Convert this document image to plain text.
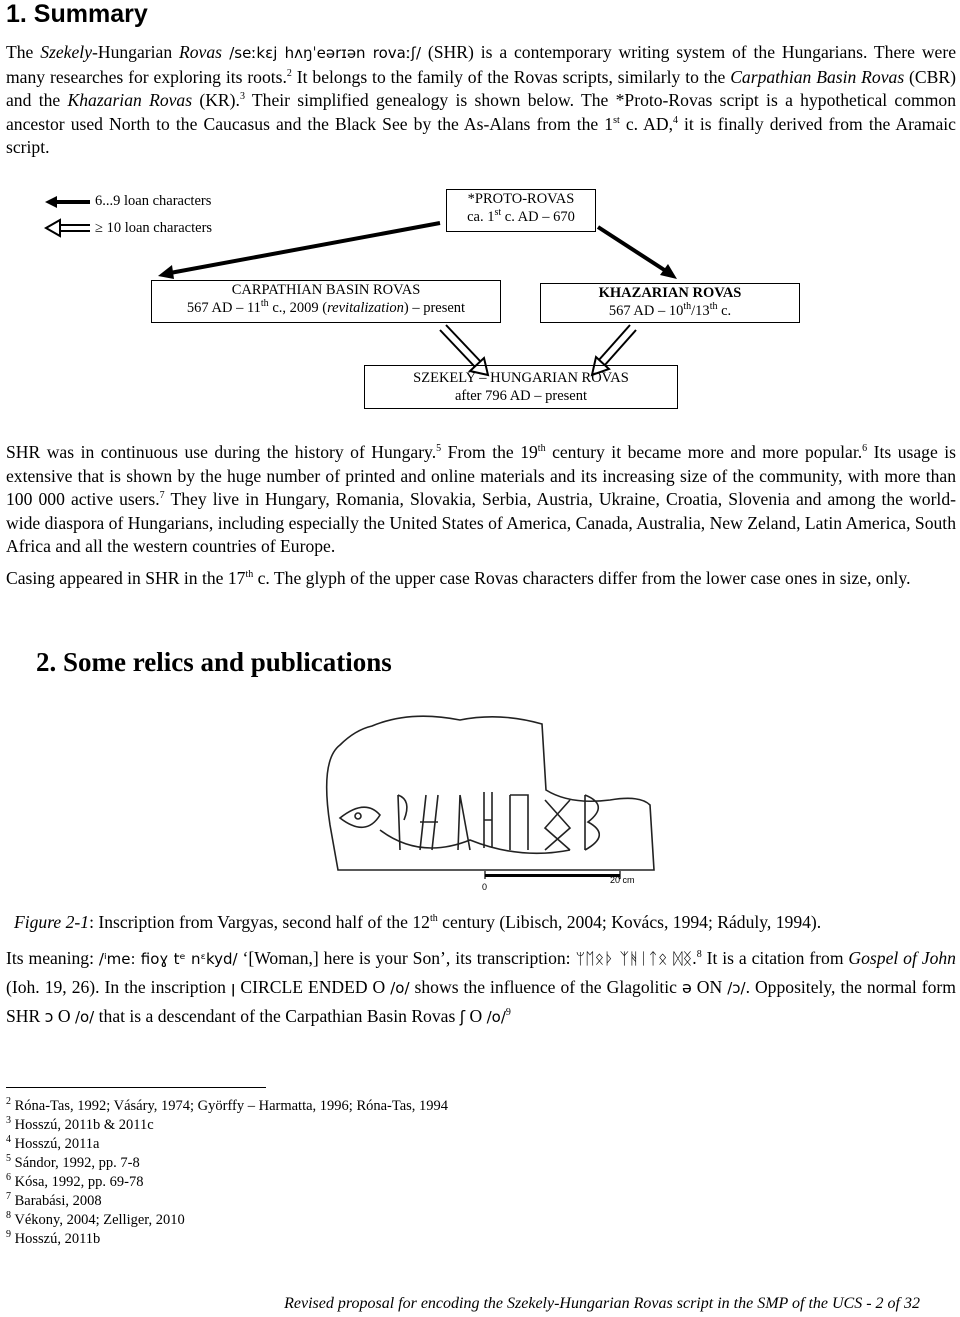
1. Summary
The Szekely-Hungarian Rovas /seːkɛj hʌŋˈeərɪən rovaːʃ/ (SHR) is a contemporary writing system of the Hungarians. There were many researches for exploring its roots.$^2$ It belongs to the family of the Rovas scripts, similarly to the Carpathian Basin Rovas (CBR) and the Khazarian Rovas (KR).$^3$ Their simplified genealogy is shown below. The *Proto-Rovas script is a hypothetical common ancestor used North to the Caucasus and the Black See by the As-Alans from the 1st c. AD,$^4$ it is finally derived from the Aramaic script.
6...9 loan characters
≥ 10 loan characters
*PROTO-ROVAS
ca. 1st c. AD – 670
CARPATHIAN BASIN ROVAS
567 AD – 11th c., 2009 (revitalization) – present
KHAZARIAN ROVAS
567 AD – 10th/13th c.
SZEKELY – HUNGARIAN ROVAS
after 796 AD – present
SHR was in continuous use during the history of Hungary.$^5$ From the 19th century it became more and more popular.$^6$ Its usage is extensive that is shown by the huge number of printed and online materials and its increasing size of the community, with more than 100 000 active users.$^7$ They live in Hungary, Romania, Slovakia, Serbia, Austria, Ukraine, Croatia, Slovenia and among the world-wide diaspora of Hungarians, including especially the United States of America, Canada, Australia, New Zeland, Latin America, South Africa and all the western countries of Europe.
Casing appeared in SHR in the 17th c. The glyph of the upper case Rovas characters differ from the lower case ones in size, only.
2. Some relics and publications
0
20 cm
Figure 2-1: Inscription from Vargyas, second half of the 12th century (Libisch, 2004; Kovács, 1994; Ráduly, 1994).
Its meaning: /ⁱme: fioɣ tᵉ nᵋkyd/ ‘[Woman,] here is your Son’, its transcription: ᛘᛖᛟᚦ ᛉᚻᛁᛏᛟ ᛞᛝ.$^8$ It is a citation from Gospel of John (Ioh. 19, 26). In the inscription ꞁ CIRCLE ENDED O /o/ shows the influence of the Glagolitic ə ON /ɔ/. Oppositely, the normal form SHR ↄ O /o/ that is a descendant of the Carpathian Basin Rovas ʃ O /o/$^9$
$^2$ Róna-Tas, 1992; Vásáry, 1974; Györffy – Harmatta, 1996; Róna-Tas, 1994
$^3$ Hosszú, 2011b & 2011c
$^4$ Hosszú, 2011a
$^5$ Sándor, 1992, pp. 7-8
$^6$ Kósa, 1992, pp. 69-78
$^7$ Barabási, 2008
$^8$ Vékony, 2004; Zelliger, 2010
$^9$ Hosszú, 2011b
Revised proposal for encoding the Szekely-Hungarian Rovas script in the SMP of the UCS - 2 of 32
